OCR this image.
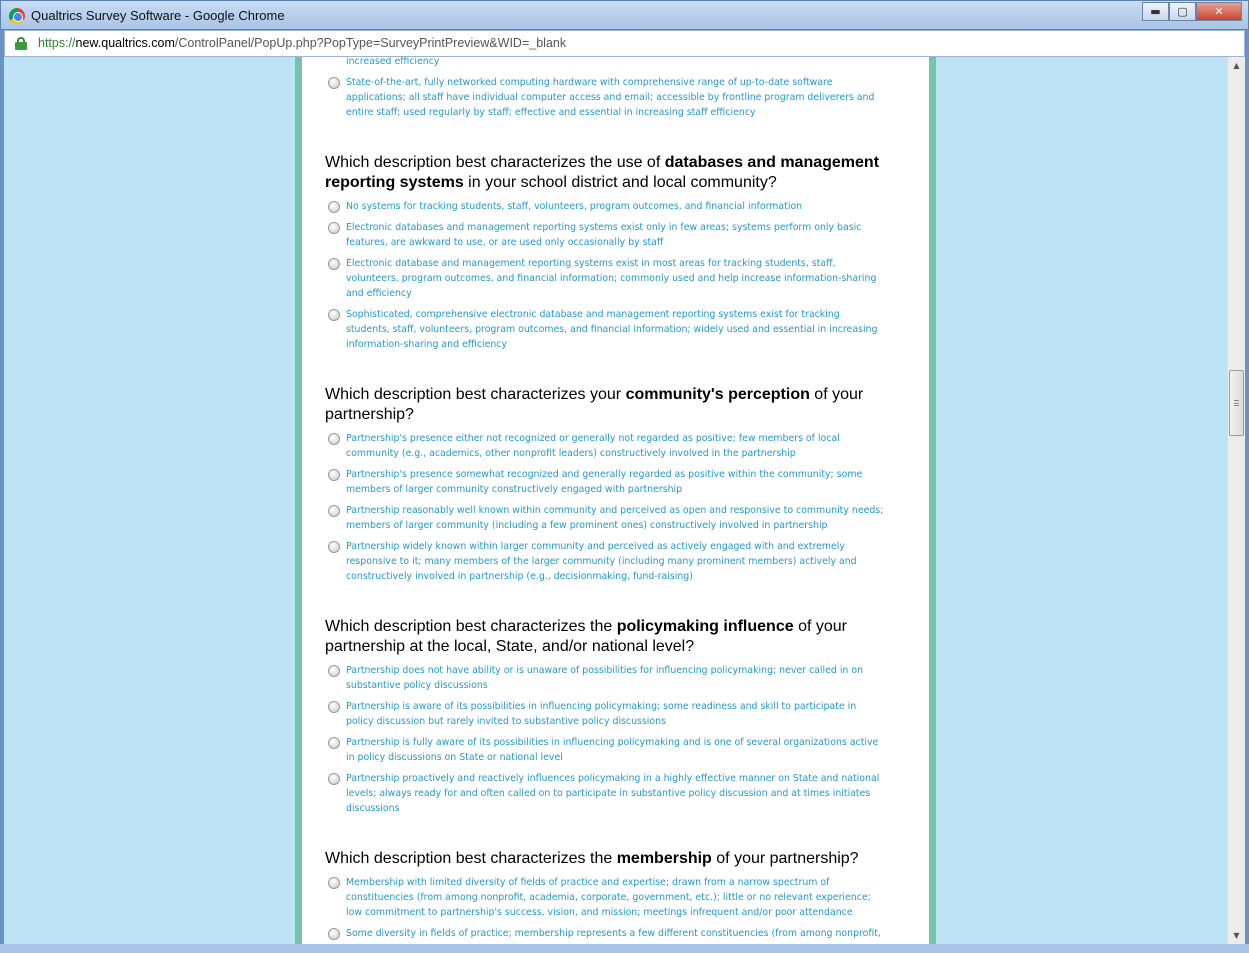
Qualtrics Survey Software - Google Chrome	▬	▢	✕
https://new.qualtrics.com/ControlPanel/PopUp.php?PopType=SurveyPrintPreview&WID=_blank
increased efficiency
State-of-the-art, fully networked computing hardware with comprehensive range of up-to-date software applications; all staff have individual computer access and email; accessible by frontline program deliverers and entire staff; used regularly by staff; effective and essential in increasing staff efficiency
Which description best characterizes the use of databases and management reporting systems in your school district and local community?
No systems for tracking students, staff, volunteers, program outcomes, and financial information
Electronic databases and management reporting systems exist only in few areas; systems perform only basic features, are awkward to use, or are used only occasionally by staff
Electronic database and management reporting systems exist in most areas for tracking students, staff, volunteers, program outcomes, and financial information; commonly used and help increase information-sharing and efficiency
Sophisticated, comprehensive electronic database and management reporting systems exist for tracking students, staff, volunteers, program outcomes, and financial information; widely used and essential in increasing information-sharing and efficiency
Which description best characterizes your community's perception of your partnership?
Partnership's presence either not recognized or generally not regarded as positive; few members of local community (e.g., academics, other nonprofit leaders) constructively involved in the partnership
Partnership's presence somewhat recognized and generally regarded as positive within the community; some members of larger community constructively engaged with partnership
Partnership reasonably well known within community and perceived as open and responsive to community needs; members of larger community (including a few prominent ones) constructively involved in partnership
Partnership widely known within larger community and perceived as actively engaged with and extremely responsive to it; many members of the larger community (including many prominent members) actively and constructively involved in partnership (e.g., decisionmaking, fund-raising)
Which description best characterizes the policymaking influence of your partnership at the local, State, and/or national level?
Partnership does not have ability or is unaware of possibilities for influencing policymaking; never called in on substantive policy discussions
Partnership is aware of its possibilities in influencing policymaking; some readiness and skill to participate in policy discussion but rarely invited to substantive policy discussions
Partnership is fully aware of its possibilities in influencing policymaking and is one of several organizations active in policy discussions on State or national level
Partnership proactively and reactively influences policymaking in a highly effective manner on State and national levels; always ready for and often called on to participate in substantive policy discussion and at times initiates discussions
Which description best characterizes the membership of your partnership?
Membership with limited diversity of fields of practice and expertise; drawn from a narrow spectrum of constituencies (from among nonprofit, academia, corporate, government, etc.); little or no relevant experience; low commitment to partnership's success, vision, and mission; meetings infrequent and/or poor attendance
Some diversity in fields of practice; membership represents a few different constituencies (from among nonprofit,
▲
▼
